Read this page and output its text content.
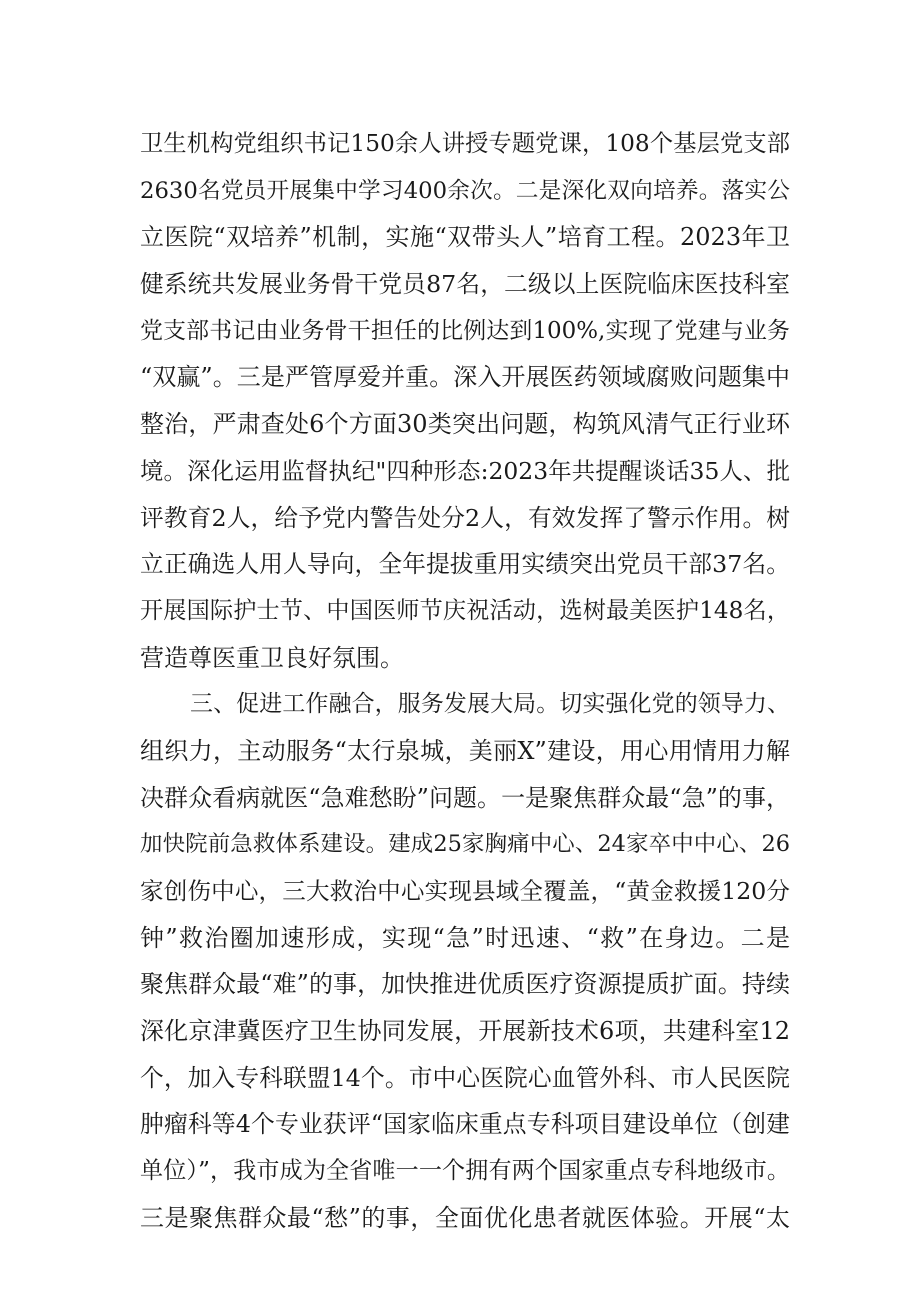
卫生机构党组织书记150余人讲授专题党课，108个基层党支部
2630名党员开展集中学习400余次。二是深化双向培养。落实公
立医院“双培养”机制，实施“双带头人”培育工程。2023年卫
健系统共发展业务骨干党员87名，二级以上医院临床医技科室
党支部书记由业务骨干担任的比例达到100%,实现了党建与业务
“双赢”。三是严管厚爱并重。深入开展医药领域腐败问题集中
整治，严肃查处6个方面30类突出问题，构筑风清气正行业环
境。深化运用监督执纪"四种形态:2023年共提醒谈话35人、批
评教育2人，给予党内警告处分2人，有效发挥了警示作用。树
立正确选人用人导向，全年提拔重用实绩突出党员干部37名。
开展国际护士节、中国医师节庆祝活动，选树最美医护148名，
营造尊医重卫良好氛围。
三、促进工作融合，服务发展大局。切实强化党的领导力、
组织力，主动服务“太行泉城，美丽X”建设，用心用情用力解
决群众看病就医“急难愁盼”问题。一是聚焦群众最“急”的事，
加快院前急救体系建设。建成25家胸痛中心、24家卒中中心、26
家创伤中心，三大救治中心实现县域全覆盖，“黄金救援120分
钟”救治圈加速形成，实现“急”时迅速、“救”在身边。二是
聚焦群众最“难”的事，加快推进优质医疗资源提质扩面。持续
深化京津冀医疗卫生协同发展，开展新技术6项，共建科室12
个，加入专科联盟14个。市中心医院心血管外科、市人民医院
肿瘤科等4个专业获评“国家临床重点专科项目建设单位（创建
单位）”，我市成为全省唯一一个拥有两个国家重点专科地级市。
三是聚焦群众最“愁”的事，全面优化患者就医体验。开展“太
